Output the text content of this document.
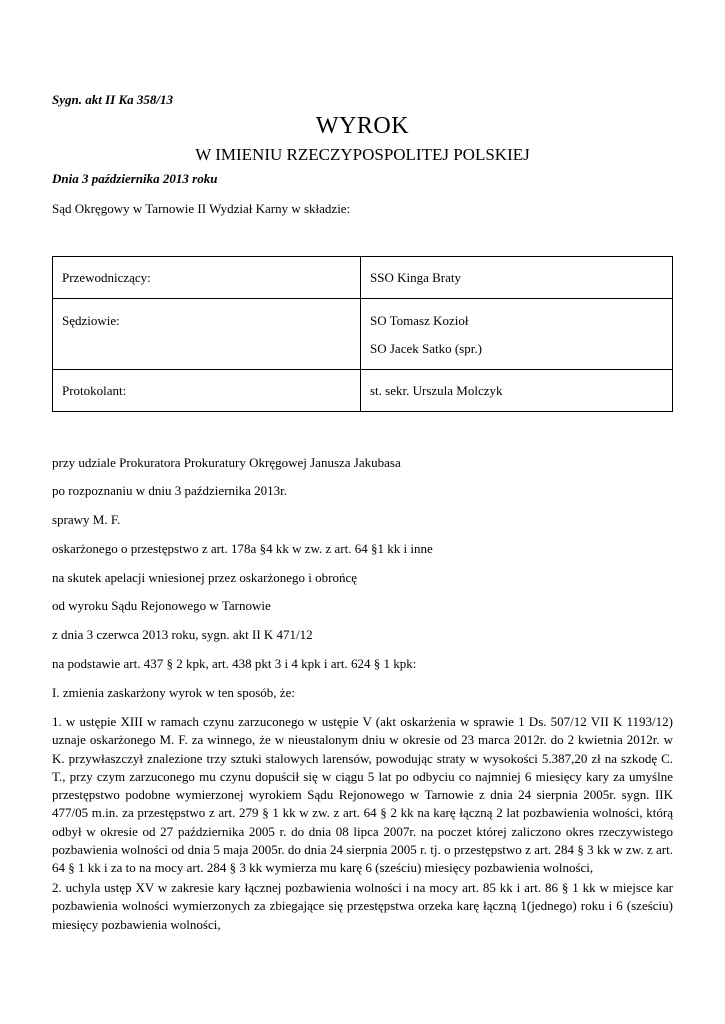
Sygn. akt II Ka 358/13
WYROK
W IMIENIU RZECZYPOSPOLITEJ POLSKIEJ
Dnia 3 października 2013 roku
Sąd Okręgowy w Tarnowie II Wydział Karny w składzie:
Przewodniczący:	SSO Kinga Braty

Sędziowie:	SO Tomasz Kozioł
SO Jacek Satko (spr.)

Protokolant:	st. sekr. Urszula Molczyk
przy udziale Prokuratora Prokuratury Okręgowej Janusza Jakubasa
po rozpoznaniu w dniu 3 października 2013r.
sprawy M. F.
oskarżonego o przestępstwo z art. 178a §4 kk w zw. z art. 64 §1 kk i inne
na skutek apelacji wniesionej przez oskarżonego i obrońcę
od wyroku Sądu Rejonowego w Tarnowie
z dnia 3 czerwca 2013 roku, sygn. akt II K 471/12
na podstawie art. 437 § 2 kpk, art. 438 pkt 3 i 4 kpk i art. 624 § 1 kpk:
I. zmienia zaskarżony wyrok w ten sposób, że:
1. w ustępie XIII w ramach czynu zarzuconego w ustępie V (akt oskarżenia w sprawie 1 Ds. 507/12 VII K 1193/12) uznaje oskarżonego M. F. za winnego, że w nieustalonym dniu w okresie od 23 marca 2012r. do 2 kwietnia 2012r. w K. przywłaszczył znalezione trzy sztuki stalowych larensów, powodując straty w wysokości 5.387,20 zł na szkodę C. T., przy czym zarzuconego mu czynu dopuścił się w ciągu 5 lat po odbyciu co najmniej 6 miesięcy kary za umyślne przestępstwo podobne wymierzonej wyrokiem Sądu Rejonowego w Tarnowie z dnia 24 sierpnia 2005r. sygn. IIK 477/05 m.in. za przestępstwo z art. 279 § 1 kk w zw. z art. 64 § 2 kk na karę łączną 2 lat pozbawienia wolności, którą odbył w okresie od 27 października 2005 r. do dnia 08 lipca 2007r. na poczet której zaliczono okres rzeczywistego pozbawienia wolności od dnia 5 maja 2005r. do dnia 24 sierpnia 2005 r. tj. o przestępstwo z art. 284 § 3 kk w zw. z art. 64 § 1 kk i za to na mocy art. 284 § 3 kk wymierza mu karę 6 (sześciu) miesięcy pozbawienia wolności,
2. uchyla ustęp XV w zakresie kary łącznej pozbawienia wolności i na mocy art. 85 kk i art. 86 § 1 kk w miejsce kar pozbawienia wolności wymierzonych za zbiegające się przestępstwa orzeka karę łączną 1(jednego) roku i 6 (sześciu) miesięcy pozbawienia wolności,
